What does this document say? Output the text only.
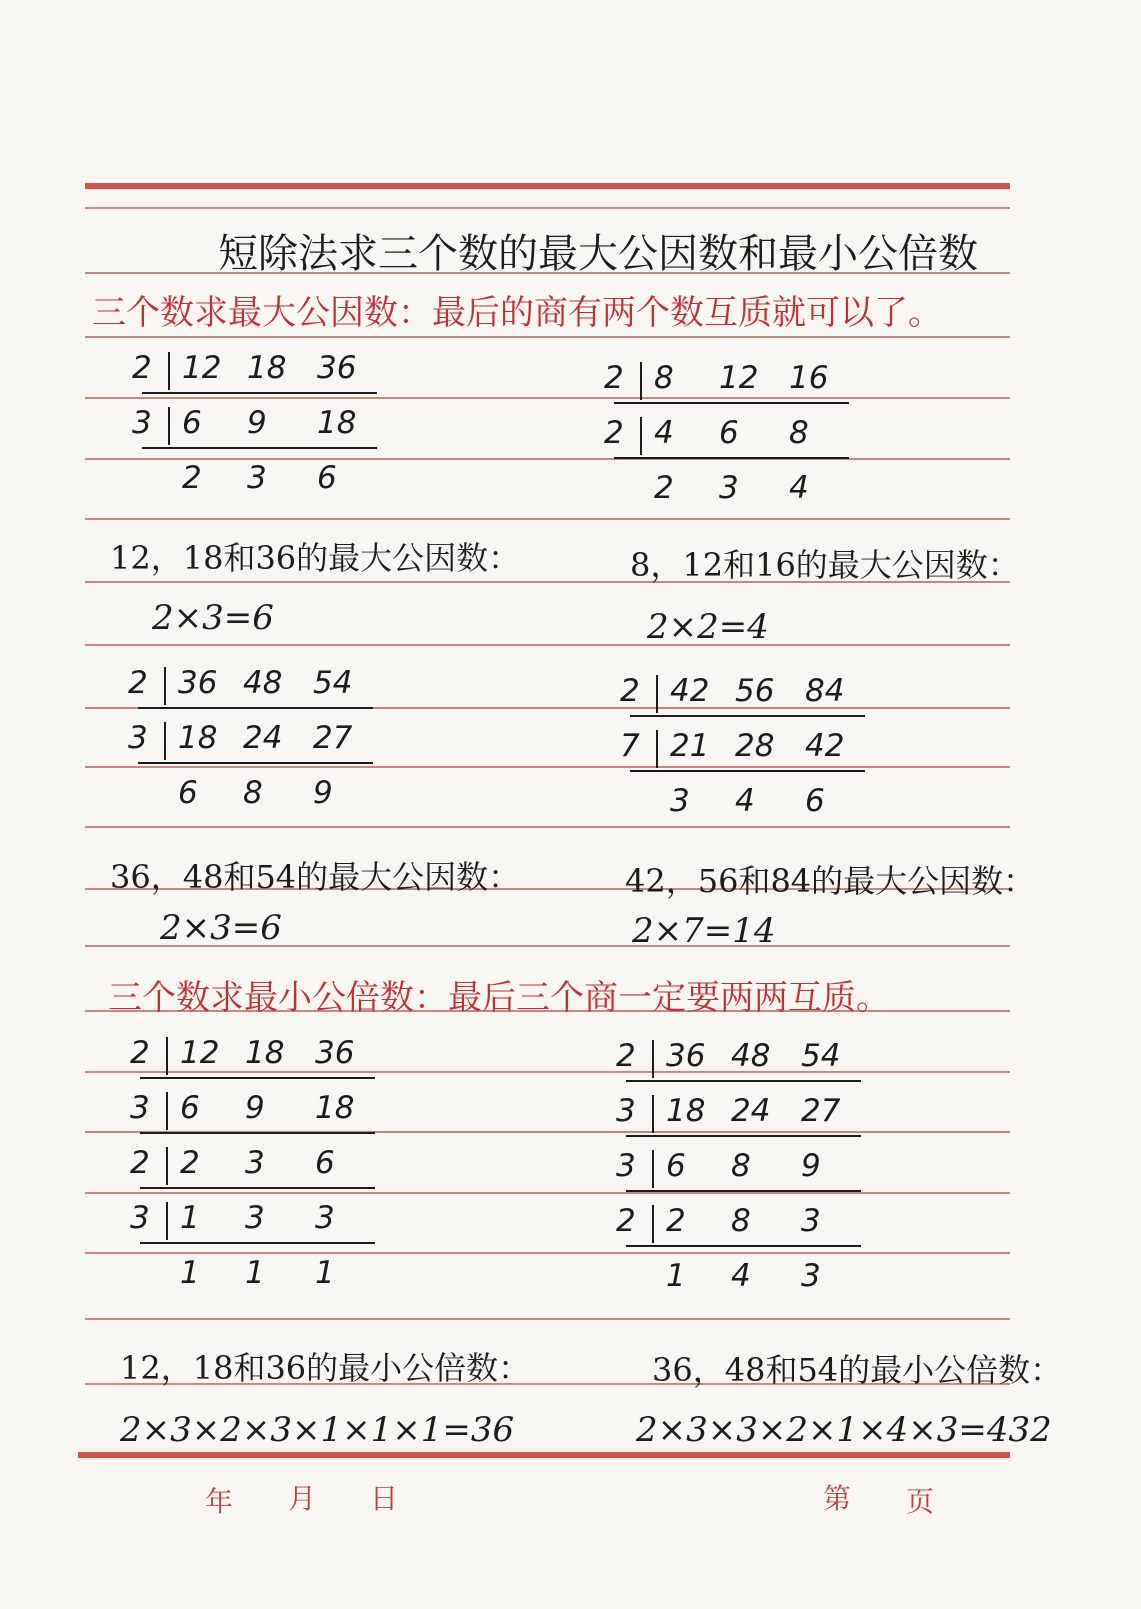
短除法求三个数的最大公因数和最小公倍数
三个数求最大公因数：最后的商有两个数互质就可以了。
2 12 18 36
3 6 9 18
2 3 6
12，18和36的最大公因数：
2×3=6
2 8 12 16
2 4 6 8
2 3 4
8，12和16的最大公因数：
2×2=4
2 36 48 54
3 18 24 27
6 8 9
36，48和54的最大公因数：
2×3=6
2 42 56 84
7 21 28 42
3 4 6
42，56和84的最大公因数：
2×7=14
三个数求最小公倍数：最后三个商一定要两两互质。
2 12 18 36
3 6 9 18
2 2 3 6
3 1 3 3
1 1 1
12，18和36的最小公倍数：
2×3×2×3×1×1×1=36
2 36 48 54
3 18 24 27
3 6 8 9
2 2 8 3
1 4 3
36，48和54的最小公倍数：
2×3×3×2×1×4×3=432
年 月 日	第 页
